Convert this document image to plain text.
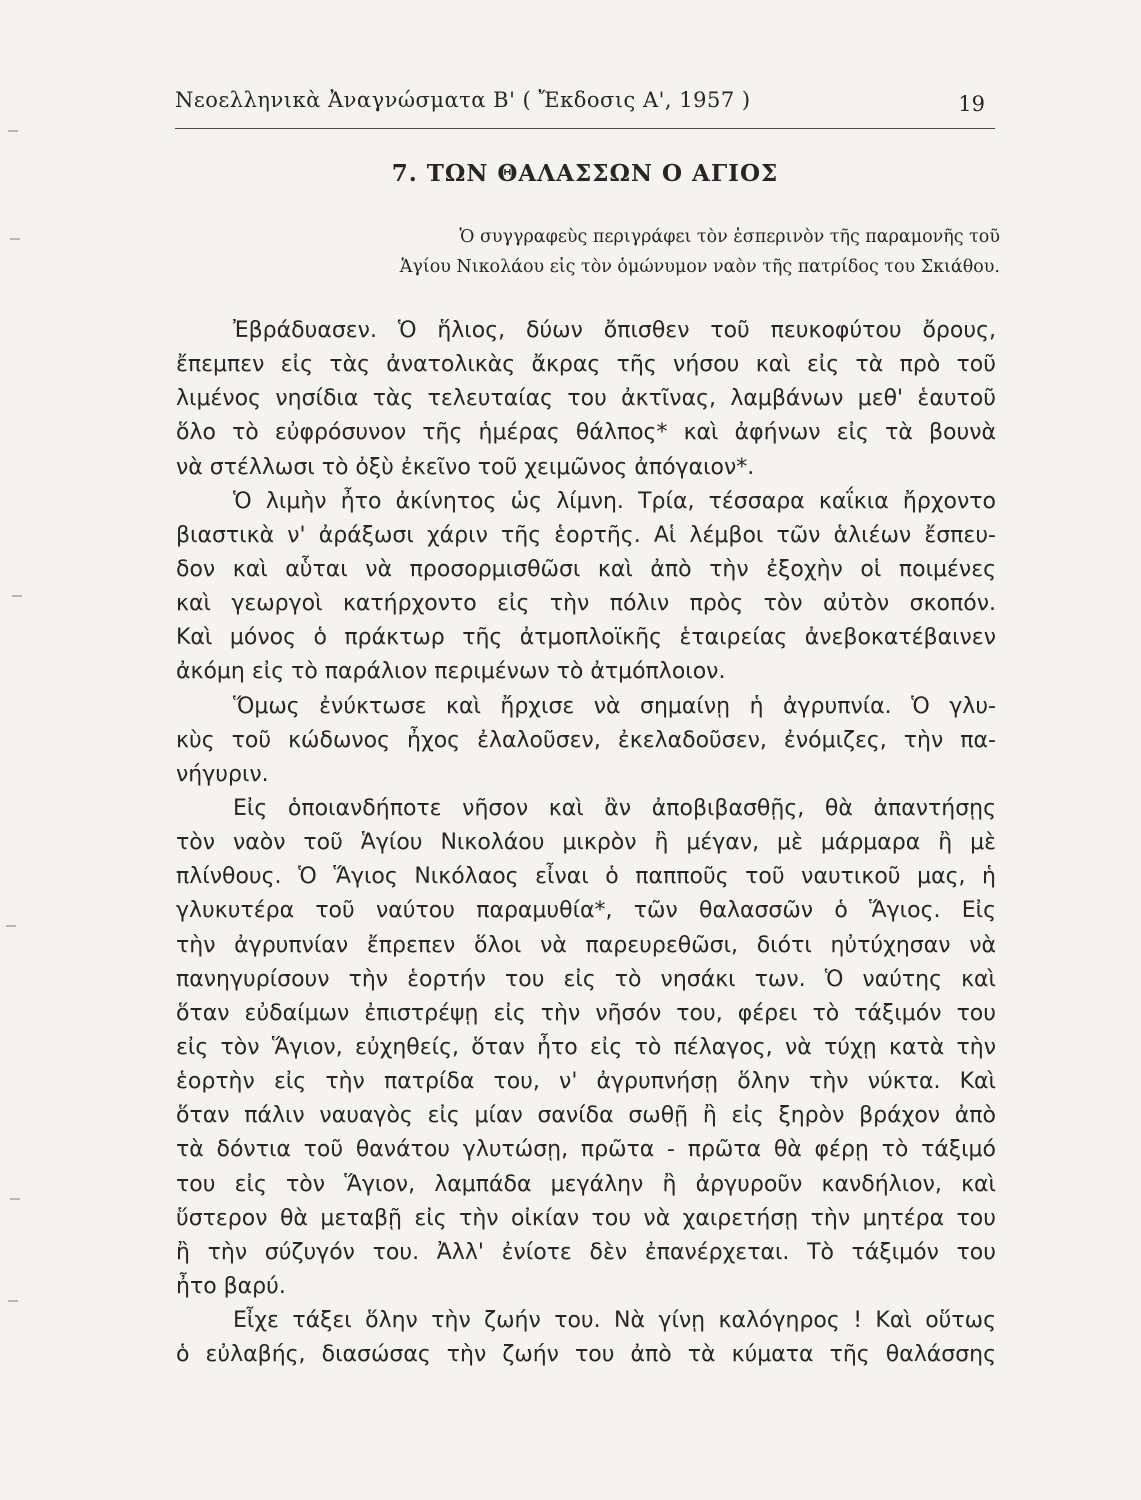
Νεοελληνικὰ Ἀναγνώσματα Β' ( Ἔκδοσις Α', 1957 )	19
7. ΤΩΝ ΘΑΛΑΣΣΩΝ Ο ΑΓΙΟΣ
Ὁ συγγραφεὺς περιγράφει τὸν ἑσπερινὸν τῆς παραμονῆς τοῦ
Ἁγίου Νικολάου εἰς τὸν ὁμώνυμον ναὸν τῆς πατρίδος του Σκιάθου.
Ἐβράδυασεν. Ὁ ἥλιος, δύων ὄπισθεν τοῦ πευκοφύτου ὄρους,
ἔπεμπεν εἰς τὰς ἀνατολικὰς ἄκρας τῆς νήσου καὶ εἰς τὰ πρὸ τοῦ
λιμένος νησίδια τὰς τελευταίας του ἀκτῖνας, λαμβάνων μεθ' ἑαυτοῦ
ὅλο τὸ εὐφρόσυνον τῆς ἡμέρας θάλπος* καὶ ἀφήνων εἰς τὰ βουνὰ
νὰ στέλλωσι τὸ ὀξὺ ἐκεῖνο τοῦ χειμῶνος ἀπόγαιον*.
Ὁ λιμὴν ἦτο ἀκίνητος ὡς λίμνη. Τρία, τέσσαρα καΐκια ἤρχοντο
βιαστικὰ ν' ἀράξωσι χάριν τῆς ἑορτῆς. Αἱ λέμβοι τῶν ἁλιέων ἔσπευ-
δον καὶ αὗται νὰ προσορμισθῶσι καὶ ἀπὸ τὴν ἐξοχὴν οἱ ποιμένες
καὶ γεωργοὶ κατήρχοντο εἰς τὴν πόλιν πρὸς τὸν αὐτὸν σκοπόν.
Καὶ μόνος ὁ πράκτωρ τῆς ἀτμοπλοϊκῆς ἑταιρείας ἀνεβοκατέβαινεν
ἀκόμη εἰς τὸ παράλιον περιμένων τὸ ἀτμόπλοιον.
Ὅμως ἐνύκτωσε καὶ ἤρχισε νὰ σημαίνῃ ἡ ἀγρυπνία. Ὁ γλυ-
κὺς τοῦ κώδωνος ἦχος ἐλαλοῦσεν, ἐκελαδοῦσεν, ἐνόμιζες, τὴν πα-
νήγυριν.
Εἰς ὁποιανδήποτε νῆσον καὶ ἂν ἀποβιβασθῇς, θὰ ἀπαντήσῃς
τὸν ναὸν τοῦ Ἁγίου Νικολάου μικρὸν ἢ μέγαν, μὲ μάρμαρα ἢ μὲ
πλίνθους. Ὁ Ἅγιος Νικόλαος εἶναι ὁ παπποῦς τοῦ ναυτικοῦ μας, ἡ
γλυκυτέρα τοῦ ναύτου παραμυθία*, τῶν θαλασσῶν ὁ Ἅγιος. Εἰς
τὴν ἀγρυπνίαν ἔπρεπεν ὅλοι νὰ παρευρεθῶσι, διότι ηὐτύχησαν νὰ
πανηγυρίσουν τὴν ἑορτήν του εἰς τὸ νησάκι των. Ὁ ναύτης καὶ
ὅταν εὐδαίμων ἐπιστρέψῃ εἰς τὴν νῆσόν του, φέρει τὸ τάξιμόν του
εἰς τὸν Ἅγιον, εὐχηθείς, ὅταν ἦτο εἰς τὸ πέλαγος, νὰ τύχῃ κατὰ τὴν
ἑορτὴν εἰς τὴν πατρίδα του, ν' ἀγρυπνήσῃ ὅλην τὴν νύκτα. Καὶ
ὅταν πάλιν ναυαγὸς εἰς μίαν σανίδα σωθῇ ἢ εἰς ξηρὸν βράχον ἀπὸ
τὰ δόντια τοῦ θανάτου γλυτώσῃ, πρῶτα - πρῶτα θὰ φέρῃ τὸ τάξιμό
του εἰς τὸν Ἅγιον, λαμπάδα μεγάλην ἢ ἀργυροῦν κανδήλιον, καὶ
ὕστερον θὰ μεταβῇ εἰς τὴν οἰκίαν του νὰ χαιρετήσῃ τὴν μητέρα του
ἢ τὴν σύζυγόν του. Ἀλλ' ἐνίοτε δὲν ἐπανέρχεται. Τὸ τάξιμόν του
ἦτο βαρύ.
Εἶχε τάξει ὅλην τὴν ζωήν του. Νὰ γίνῃ καλόγηρος ! Καὶ οὕτως
ὁ εὐλαβής, διασώσας τὴν ζωήν του ἀπὸ τὰ κύματα τῆς θαλάσσης
